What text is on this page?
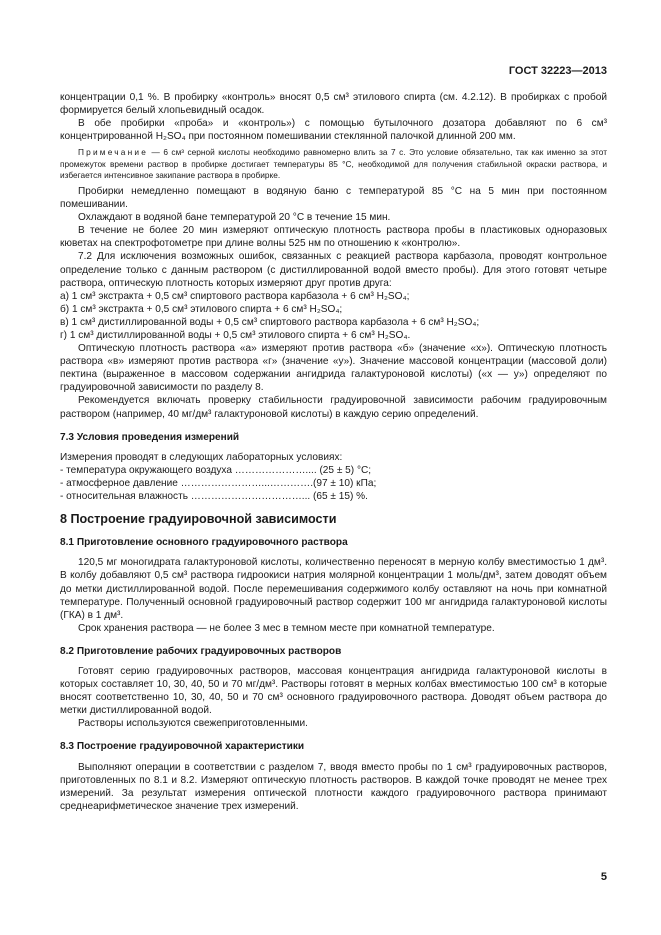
ГОСТ 32223—2013

концентрации 0,1 %. В пробирку «контроль» вносят 0,5 см³ этилового спирта (см. 4.2.12). В пробирках с пробой формируется белый хлопьевидный осадок.

В обе пробирки «проба» и «контроль») с помощью бутылочного дозатора добавляют по 6 см³ концентрированной H₂SO₄ при постоянном помешивании стеклянной палочкой длинной 200 мм.

Примечание — 6 см³ серной кислоты необходимо равномерно влить за 7 с. Это условие обязательно, так как именно за этот промежуток времени раствор в пробирке достигает температуры 85 °С, необходимой для получения стабильной окраски раствора, и избегается интенсивное закипание раствора в пробирке.

Пробирки немедленно помещают в водяную баню с температурой 85 °С на 5 мин при постоянном помешивании.

Охлаждают в водяной бане температурой 20 °С в течение 15 мин.

В течение не более 20 мин измеряют оптическую плотность раствора пробы в пластиковых одноразовых кюветах на спектрофотометре при длине волны 525 нм по отношению к «контролю».

7.2 Для исключения возможных ошибок, связанных с реакцией раствора карбазола, проводят контрольное определение только с данным раствором (с дистиллированной водой вместо пробы). Для этого готовят четыре раствора, оптическую плотность которых измеряют друг против друга:

а) 1 см³ экстракта + 0,5 см³ спиртового раствора карбазола + 6 см³ H₂SO₄;

б) 1 см³ экстракта + 0,5 см³ этилового спирта + 6 см³ H₂SO₄;

в) 1 см³ дистиллированной воды + 0,5 см³ спиртового раствора карбазола + 6 см³ H₂SO₄;

г) 1 см³ дистиллированной воды + 0,5 см³ этилового спирта + 6 см³ H₂SO₄.

Оптическую плотность раствора «а» измеряют против раствора «б» (значение «x»). Оптическую плотность раствора «в» измеряют против раствора «г» (значение «y»). Значение массовой концентрации (массовой доли) пектина (выраженное в массовом содержании ангидрида галактуроновой кислоты) («x — y») определяют по градуировочной зависимости по разделу 8.

Рекомендуется включать проверку стабильности градуировочной зависимости рабочим градуировочным раствором (например, 40 мг/дм³ галактуроновой кислоты) в каждую серию определений.

7.3 Условия проведения измерений

Измерения проводят в следующих лабораторных условиях:

- температура окружающего воздуха ………………….... (25 ± 5) °С;

- атмосферное давление ……………………...………….(97 ± 10) кПа;

- относительная влажность ……………………………... (65 ± 15) %.

8 Построение градуировочной зависимости

8.1 Приготовление основного градуировочного раствора

120,5 мг моногидрата галактуроновой кислоты, количественно переносят в мерную колбу вместимостью 1 дм³. В колбу добавляют 0,5 см³ раствора гидроокиси натрия молярной концентрации 1 моль/дм³, затем доводят объем до метки дистиллированной водой. После перемешивания содержимого колбу оставляют на ночь при комнатной температуре. Полученный основной градуировочный раствор содержит 100 мг ангидрида галактуроновой кислоты (ГКА) в 1 дм³.

Срок хранения раствора — не более 3 мес в темном месте при комнатной температуре.

8.2 Приготовление рабочих градуировочных растворов

Готовят серию градуировочных растворов, массовая концентрация ангидрида галактуроновой кислоты в которых составляет 10, 30, 40, 50 и 70 мг/дм³. Растворы готовят в мерных колбах вместимостью 100 см³ в которые вносят соответственно 10, 30, 40, 50 и 70 см³ основного градуировочного раствора. Доводят объем раствора до метки дистиллированной водой.

Растворы используются свежеприготовленными.

8.3 Построение градуировочной характеристики

Выполняют операции в соответствии с разделом 7, вводя вместо пробы по 1 см³ градуировочных растворов, приготовленных по 8.1 и 8.2. Измеряют оптическую плотность растворов. В каждой точке проводят не менее трех измерений. За результат измерения оптической плотности каждого градуировочного раствора принимают среднеарифметическое значение трех измерений.

5
